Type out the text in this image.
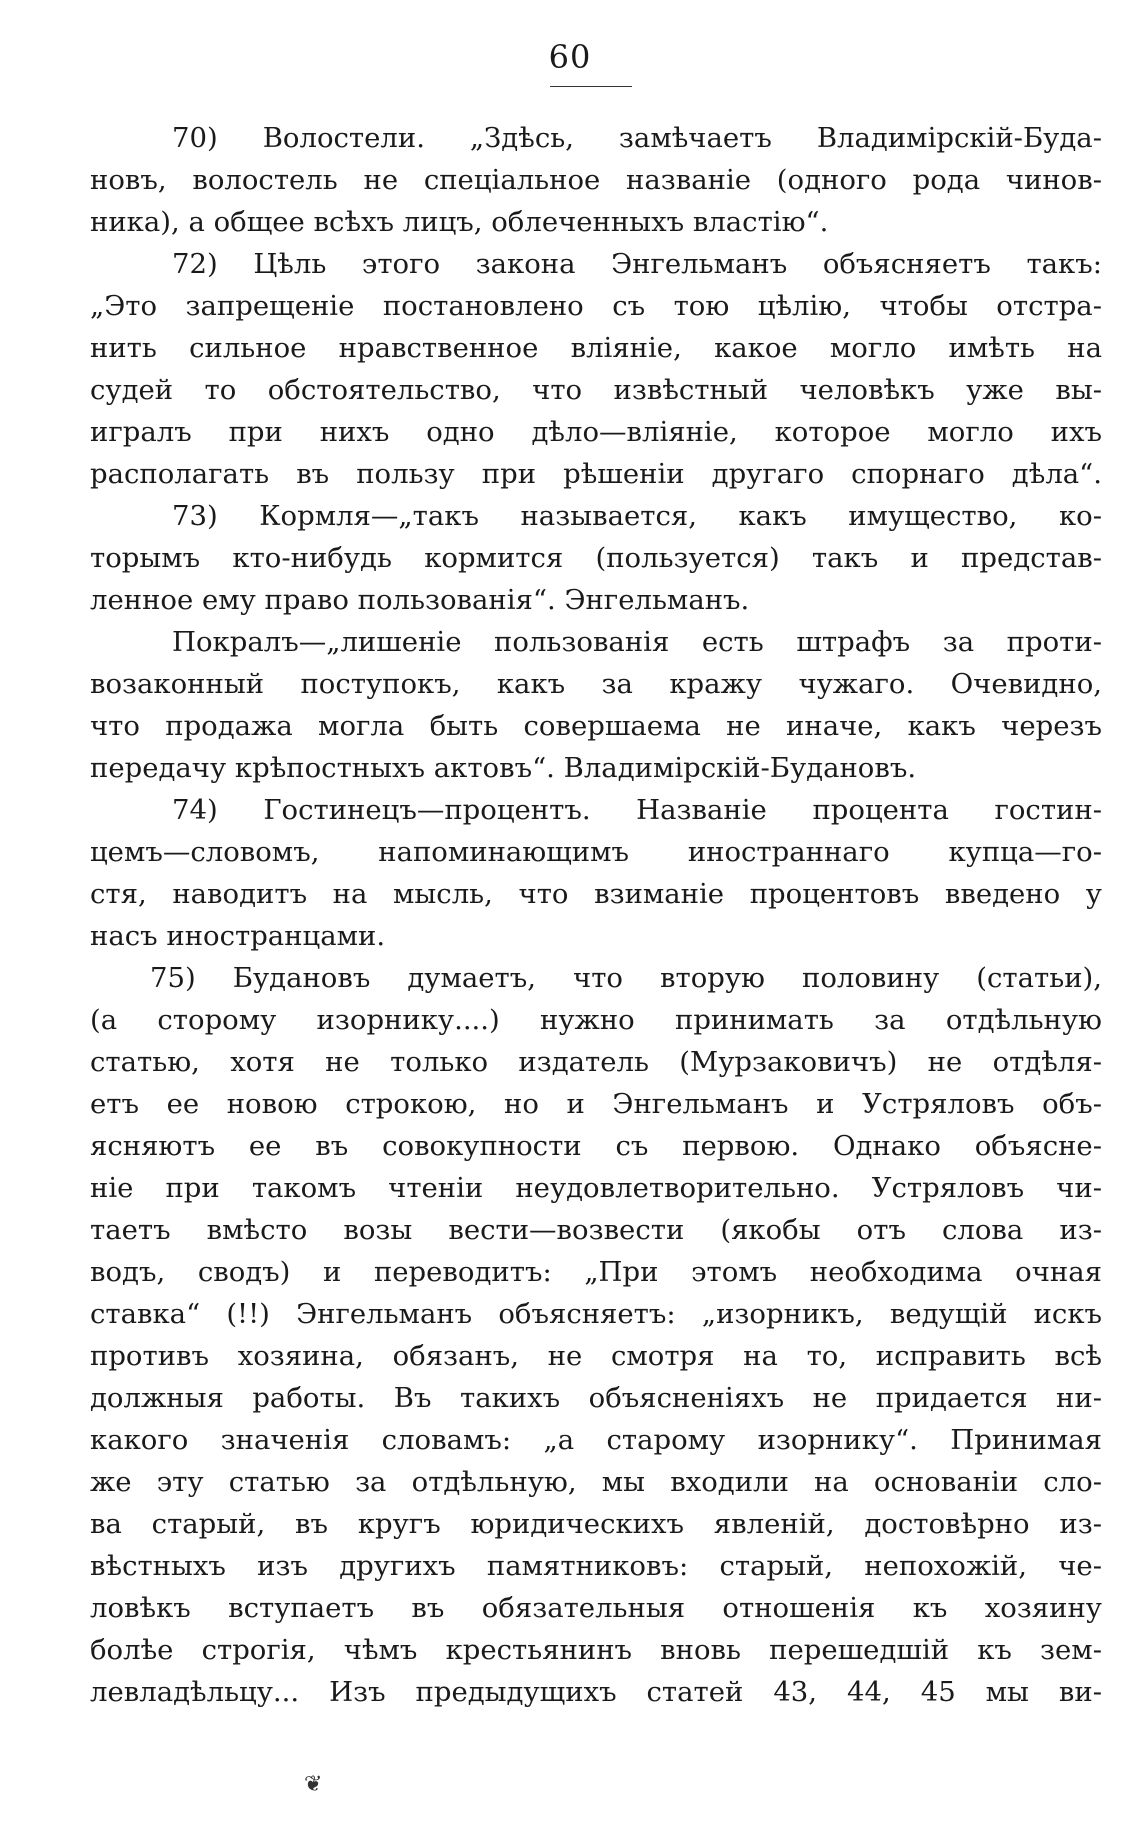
60
70) Волостели. „Здѣсь, замѣчаетъ Владимірскій-Буда-
новъ, волостель не спеціальное названіе (одного рода чинов-
ника), а общее всѣхъ лицъ, облеченныхъ властію“.
72) Цѣль этого закона Энгельманъ объясняетъ такъ:
„Это запрещеніе постановлено съ тою цѣлію, чтобы отстра-
нить сильное нравственное вліяніе, какое могло имѣть на
судей то обстоятельство, что извѣстный человѣкъ уже вы-
игралъ при нихъ одно дѣло—вліяніе, которое могло ихъ
располагать въ пользу при рѣшеніи другаго спорнаго дѣла“.
73) Кормля—„такъ называется, какъ имущество, ко-
торымъ кто-нибудь кормится (пользуется) такъ и представ-
ленное ему право пользованія“. Энгельманъ.
Покралъ—„лишеніе пользованія есть штрафъ за проти-
возаконный поступокъ, какъ за кражу чужаго. Очевидно,
что продажа могла быть совершаема не иначе, какъ черезъ
передачу крѣпостныхъ актовъ“. Владимірскій-Будановъ.
74) Гостинецъ—процентъ. Названіе процента гостин-
цемъ—словомъ, напоминающимъ иностраннаго купца—го-
стя, наводитъ на мысль, что взиманіе процентовъ введено у
насъ иностранцами.
75) Будановъ думаетъ, что вторую половину (статьи),
(а сторому изорнику....) нужно принимать за отдѣльную
статью, хотя не только издатель (Мурзаковичъ) не отдѣля-
етъ ее новою строкою, но и Энгельманъ и Устряловъ объ-
ясняютъ ее въ совокупности съ первою. Однако объясне-
ніе при такомъ чтеніи неудовлетворительно. Устряловъ чи-
таетъ вмѣсто возы вести—возвести (якобы отъ слова из-
водъ, сводъ) и переводитъ: „При этомъ необходима очная
ставка“ (!!) Энгельманъ объясняетъ: „изорникъ, ведущій искъ
противъ хозяина, обязанъ, не смотря на то, исправить всѣ
должныя работы. Въ такихъ объясненіяхъ не придается ни-
какого значенія словамъ: „а старому изорнику“. Принимая
же эту статью за отдѣльную, мы входили на основаніи сло-
ва старый, въ кругъ юридическихъ явленій, достовѣрно из-
вѣстныхъ изъ другихъ памятниковъ: старый, непохожій, че-
ловѣкъ вступаетъ въ обязательныя отношенія къ хозяину
болѣе строгія, чѣмъ крестьянинъ вновь перешедшій къ зем-
левладѣльцу... Изъ предыдущихъ статей 43, 44, 45 мы ви-
❦
